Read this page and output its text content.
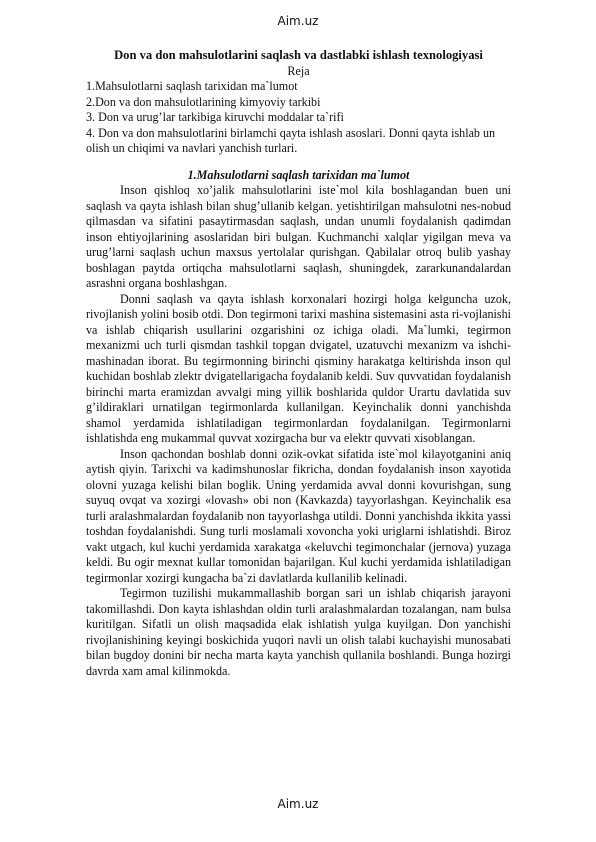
Aim.uz

Don va don mahsulotlarini saqlash va dastlabki ishlash texnologiyasi

Reja

1.Mahsulotlarni saqlash tarixidan ma`lumot
2.Don va don mahsulotlarining kimyoviy tarkibi
3. Don va urug’lar tarkibiga kiruvchi moddalar ta`rifi
4. Don va don mahsulotlarini birlamchi qayta ishlash asoslari. Donni qayta ishlab un olish un chiqimi va navlari yanchish turlari.

1.Mahsulotlarni saqlash tarixidan ma`lumot

Inson qishloq xo’jalik mahsulotlarini iste`mol kila boshlagandan buen uni saqlash va qayta ishlash bilan shug’ullanib kelgan. yetishtirilgan mahsulotni nes-nobud qilmasdan va sifatini pasaytirmasdan saqlash, undan unumli foydalanish qadimdan inson ehtiyojlarining asoslaridan biri bulgan. Kuchmanchi xalqlar yigilgan meva va urug’larni saqlash uchun maxsus yertolalar qurishgan. Qabilalar otroq bulib yashay boshlagan paytda ortiqcha mahsulotlarni saqlash, shuningdek, zararkunandalardan asrashni organa boshlashgan.

Donni saqlash va qayta ishlash korxonalari hozirgi holga kelguncha uzok, rivojlanish yolini bosib otdi. Don tegirmoni tarixi mashina sistemasini asta ri-vojlanishi va ishlab chiqarish usullarini ozgarishini oz ichiga oladi. Ma`lumki, tegirmon mexanizmi uch turli qismdan tashkil topgan dvigatel, uzatuvchi mexanizm va ishchi-mashinadan iborat. Bu tegirmonning birinchi qisminy harakatga keltirishda inson qul kuchidan boshlab zlektr dvigatellarigacha foydalanib keldi. Suv quvvatidan foydalanish birinchi marta eramizdan avvalgi ming yillik boshlarida quldor Urartu davlatida suv g’ildiraklari urnatilgan tegirmonlarda kullanilgan. Keyinchalik donni yanchishda shamol yerdamida ishlatiladigan tegirmonlardan foydalanilgan. Tegirmonlarni ishlatishda eng mukammal quvvat xozirgacha bur va elektr quvvati xisoblangan.

Inson qachondan boshlab donni ozik-ovkat sifatida iste`mol kilayotganini aniq aytish qiyin. Tarixchi va kadimshunoslar fikricha, dondan foydalanish inson xayotida olovni yuzaga kelishi bilan boglik. Uning yerdamida avval donni kovurishgan, sung suyuq ovqat va xozirgi «lovash» obi non (Kavkazda) tayyorlashgan. Keyinchalik esa turli aralashmalardan foydalanib non tayyorlashga utildi. Donni yanchishda ikkita yassi toshdan foydalanishdi. Sung turli moslamali xovoncha yoki uriglarni ishlatishdi. Biroz vakt utgach, kul kuchi yerdamida xarakatga «keluvchi tegimonchalar (jernova) yuzaga keldi. Bu ogir mexnat kullar tomonidan bajarilgan. Kul kuchi yerdamida ishlatiladigan tegirmonlar xozirgi kungacha ba`zi davlatlarda kullanilib kelinadi.

Tegirmon tuzilishi mukammallashib borgan sari un ishlab chiqarish jarayoni takomillashdi. Don kayta ishlashdan oldin turli aralashmalardan tozalangan, nam bulsa kuritilgan. Sifatli un olish maqsadida elak ishlatish yulga kuyilgan. Don yanchishi rivojlanishining keyingi boskichida yuqori navli un olish talabi kuchayishi munosabati bilan bugdoy donini bir necha marta kayta yanchish qullanila boshlandi. Bunga hozirgi davrda xam amal kilinmokda.

Aim.uz
